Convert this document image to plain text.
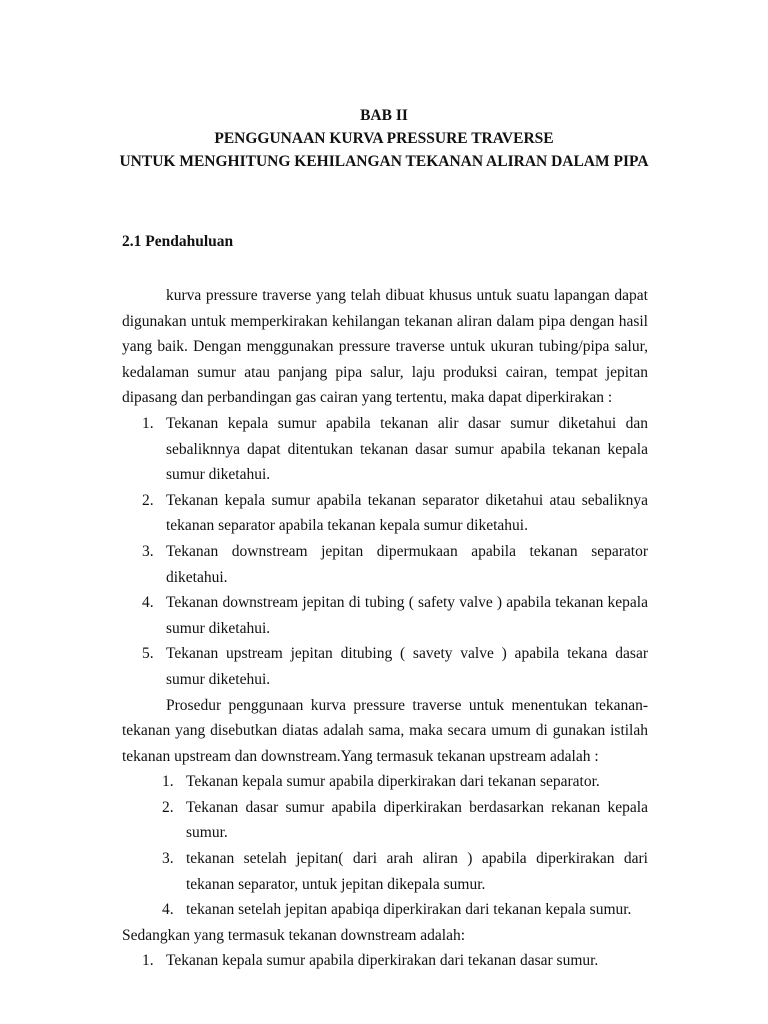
BAB II

PENGGUNAAN KURVA PRESSURE TRAVERSE

UNTUK MENGHITUNG KEHILANGAN TEKANAN ALIRAN DALAM PIPA

2.1 Pendahuluan

kurva pressure traverse yang telah dibuat khusus untuk suatu lapangan dapat digunakan untuk memperkirakan kehilangan tekanan aliran dalam pipa dengan hasil yang baik. Dengan menggunakan pressure traverse untuk ukuran tubing/pipa salur, kedalaman sumur atau panjang pipa salur, laju produksi cairan, tempat jepitan dipasang dan perbandingan gas cairan yang tertentu, maka dapat diperkirakan :

1. Tekanan kepala sumur apabila tekanan alir dasar sumur diketahui dan sebaliknnya dapat ditentukan tekanan dasar sumur apabila tekanan kepala sumur diketahui.
2. Tekanan kepala sumur apabila tekanan separator diketahui atau sebaliknya tekanan separator apabila tekanan kepala sumur diketahui.
3. Tekanan downstream jepitan dipermukaan apabila tekanan separator diketahui.
4. Tekanan downstream jepitan di tubing ( safety valve ) apabila tekanan kepala sumur diketahui.
5. Tekanan upstream jepitan ditubing ( savety valve ) apabila tekana dasar sumur diketehui.

Prosedur penggunaan kurva pressure traverse untuk menentukan tekanan-tekanan yang disebutkan diatas adalah sama, maka secara umum di gunakan istilah tekanan upstream dan downstream.Yang termasuk tekanan upstream adalah :

1. Tekanan kepala sumur apabila diperkirakan dari tekanan separator.
2. Tekanan dasar sumur apabila diperkirakan berdasarkan rekanan kepala sumur.
3. tekanan setelah jepitan( dari arah aliran ) apabila diperkirakan dari tekanan separator, untuk jepitan dikepala sumur.
4. tekanan setelah jepitan apabiqa diperkirakan dari tekanan kepala sumur.

Sedangkan yang termasuk tekanan downstream adalah:

1. Tekanan kepala sumur apabila diperkirakan dari tekanan dasar sumur.
